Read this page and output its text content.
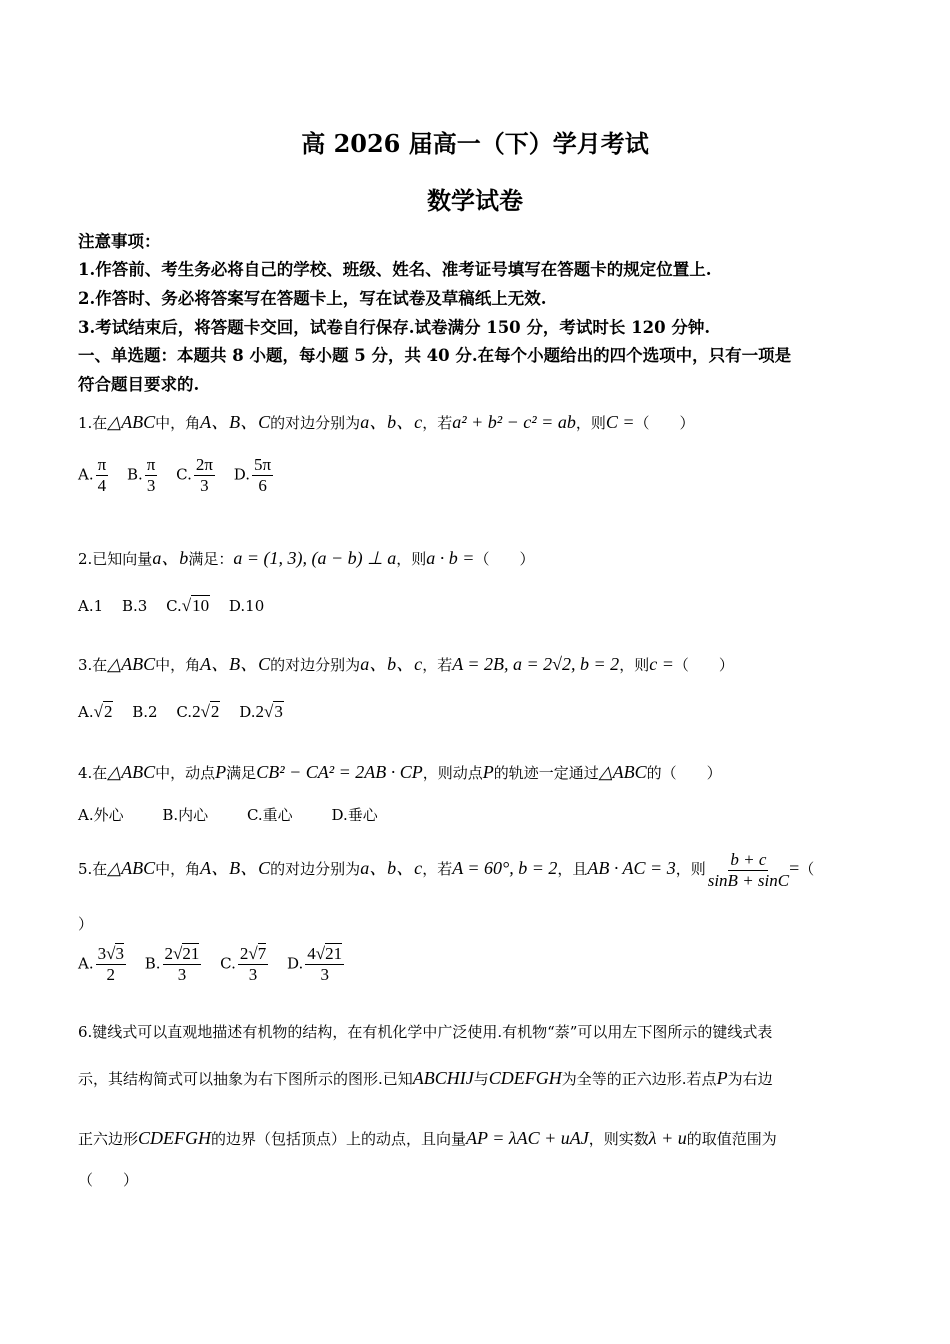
高 2026 届高一（下）学月考试
数学试卷
注意事项：
1.作答前、考生务必将自己的学校、班级、姓名、准考证号填写在答题卡的规定位置上.
2.作答时、务必将答案写在答题卡上，写在试卷及草稿纸上无效.
3.考试结束后，将答题卡交回，试卷自行保存.试卷满分 150 分，考试时长 120 分钟.
一、单选题：本题共 8 小题，每小题 5 分，共 40 分.在每个小题给出的四个选项中，只有一项是
符合题目要求的.
1.在△ABC中，角A、B、C的对边分别为a、b、c，若a² + b² − c² = ab，则C =（　　）
A. $\frac{\pi}{4} B$. $\frac{\pi}{3} C$. $\frac{2\pi}{3} D$. $\frac{5\pi}{6}$
2.已知向量a、b满足：a = (1, 3), (a − b) ⊥ a，则a · b =（　　）
A.1 B.3 C.√10 D.10
3.在△ABC中，角A、B、C的对边分别为a、b、c，若A = 2B, a = 2√2, b = 2，则c =（　　）
A.√2 B.2 C.2√2 D.2√3
4.在△ABC中，动点P满足CB² − CA² = 2AB · CP，则动点P的轨迹一定通过△ABC的（　　）
A.外心	B.内心	C.重心	D.垂心
5.在△ABC中，角A、B、C的对边分别为a、b、c，若A = 60°, b = 2，且AB · AC = 3，则 $\frac{b + c}{\sin B + \sin C}$ =（
）
A. $\frac{3√3}{2} B$. $\frac{2√21}{3} C$. $\frac{2√7}{3} D$. $\frac{4√21}{3}$
6.键线式可以直观地描述有机物的结构，在有机化学中广泛使用.有机物“萘”可以用左下图所示的键线式表
示，其结构简式可以抽象为右下图所示的图形.已知ABCHIJ与CDEFGH为全等的正六边形.若点P为右边
正六边形CDEFGH的边界（包括顶点）上的动点，且向量AP = λAC + uAJ，则实数λ + u的取值范围为
（　　）
